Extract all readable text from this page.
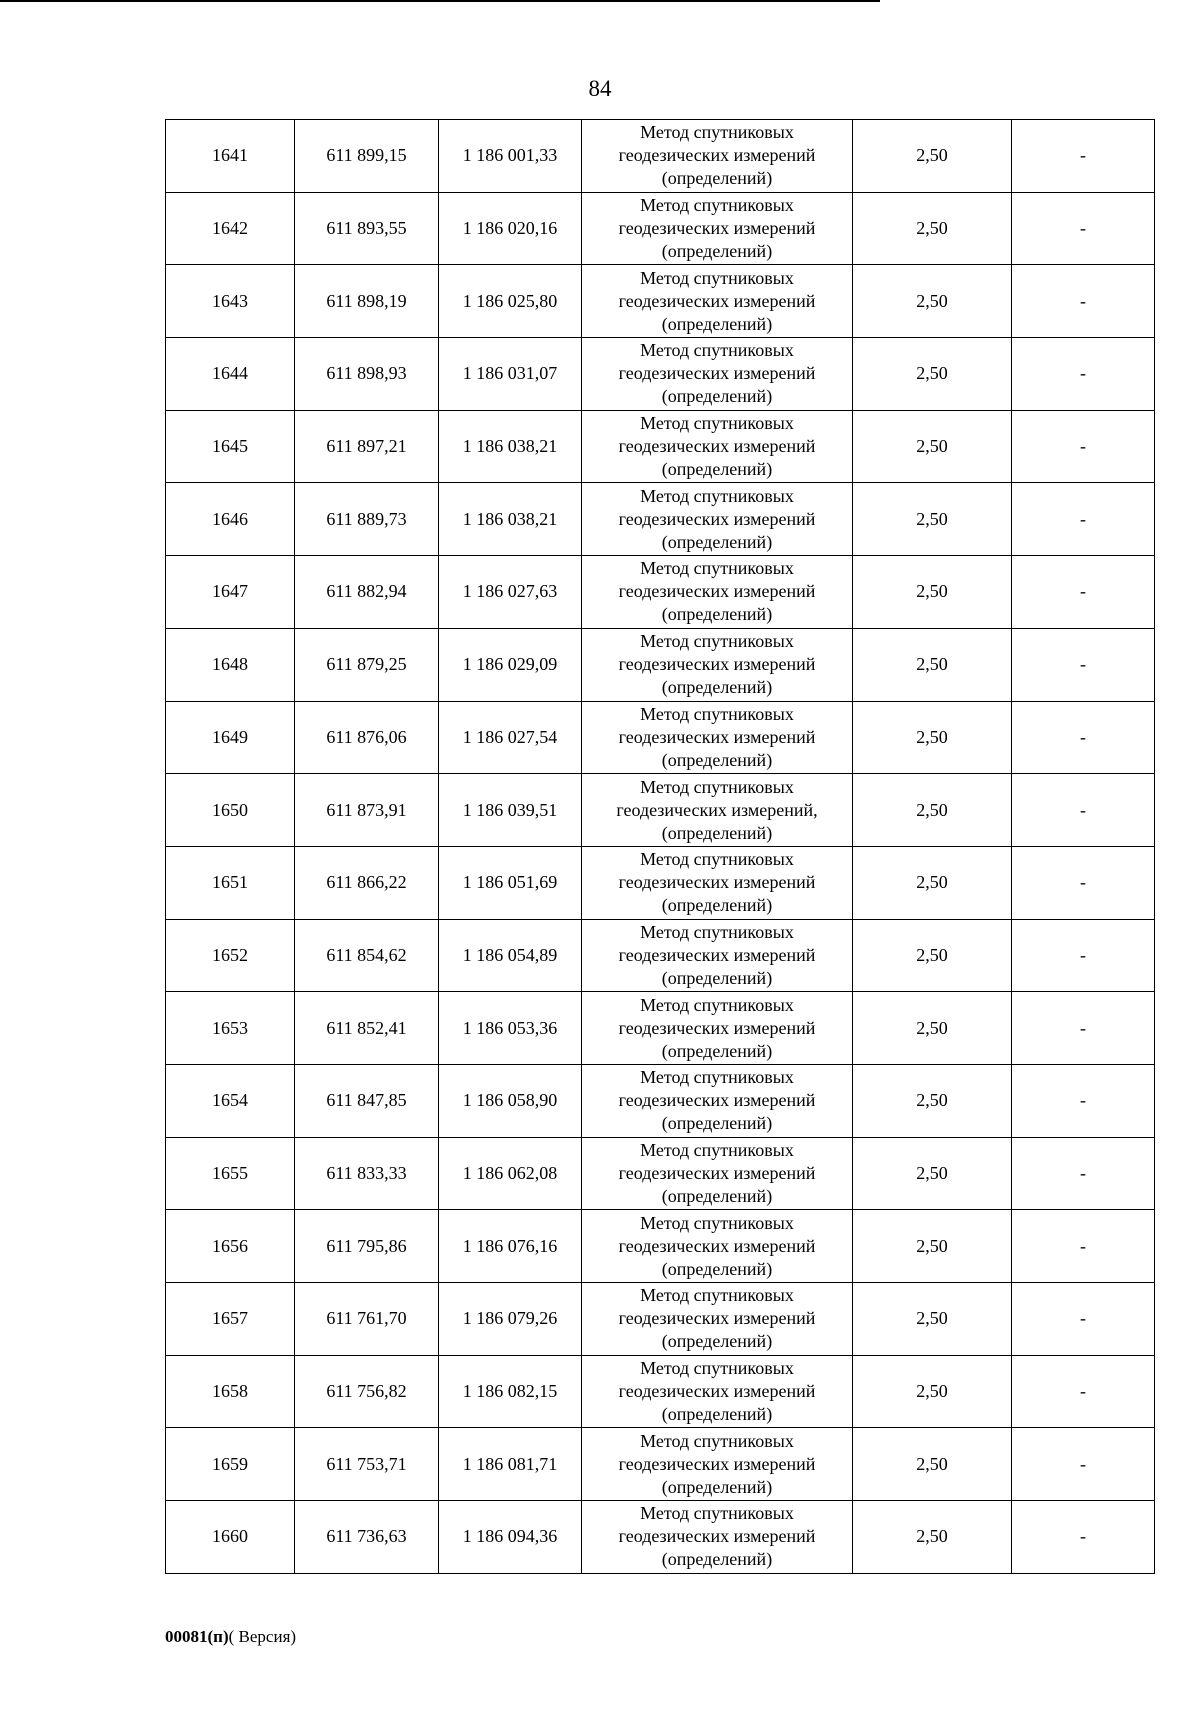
84
1641	611 899,15	1 186 001,33	Метод спутниковых
геодезических измерений
(определений)	2,50	-
1642	611 893,55	1 186 020,16	Метод спутниковых
геодезических измерений
(определений)	2,50	-
1643	611 898,19	1 186 025,80	Метод спутниковых
геодезических измерений
(определений)	2,50	-
1644	611 898,93	1 186 031,07	Метод спутниковых
геодезических измерений
(определений)	2,50	-
1645	611 897,21	1 186 038,21	Метод спутниковых
геодезических измерений
(определений)	2,50	-
1646	611 889,73	1 186 038,21	Метод спутниковых
геодезических измерений
(определений)	2,50	-
1647	611 882,94	1 186 027,63	Метод спутниковых
геодезических измерений
(определений)	2,50	-
1648	611 879,25	1 186 029,09	Метод спутниковых
геодезических измерений
(определений)	2,50	-
1649	611 876,06	1 186 027,54	Метод спутниковых
геодезических измерений
(определений)	2,50	-
1650	611 873,91	1 186 039,51	Метод спутниковых
геодезических измерений,
(определений)	2,50	-
1651	611 866,22	1 186 051,69	Метод спутниковых
геодезических измерений
(определений)	2,50	-
1652	611 854,62	1 186 054,89	Метод спутниковых
геодезических измерений
(определений)	2,50	-
1653	611 852,41	1 186 053,36	Метод спутниковых
геодезических измерений
(определений)	2,50	-
1654	611 847,85	1 186 058,90	Метод спутниковых
геодезических измерений
(определений)	2,50	-
1655	611 833,33	1 186 062,08	Метод спутниковых
геодезических измерений
(определений)	2,50	-
1656	611 795,86	1 186 076,16	Метод спутниковых
геодезических измерений
(определений)	2,50	-
1657	611 761,70	1 186 079,26	Метод спутниковых
геодезических измерений
(определений)	2,50	-
1658	611 756,82	1 186 082,15	Метод спутниковых
геодезических измерений
(определений)	2,50	-
1659	611 753,71	1 186 081,71	Метод спутниковых
геодезических измерений
(определений)	2,50	-
1660	611 736,63	1 186 094,36	Метод спутниковых
геодезических измерений
(определений)	2,50	-
00081(п)( Версия)
